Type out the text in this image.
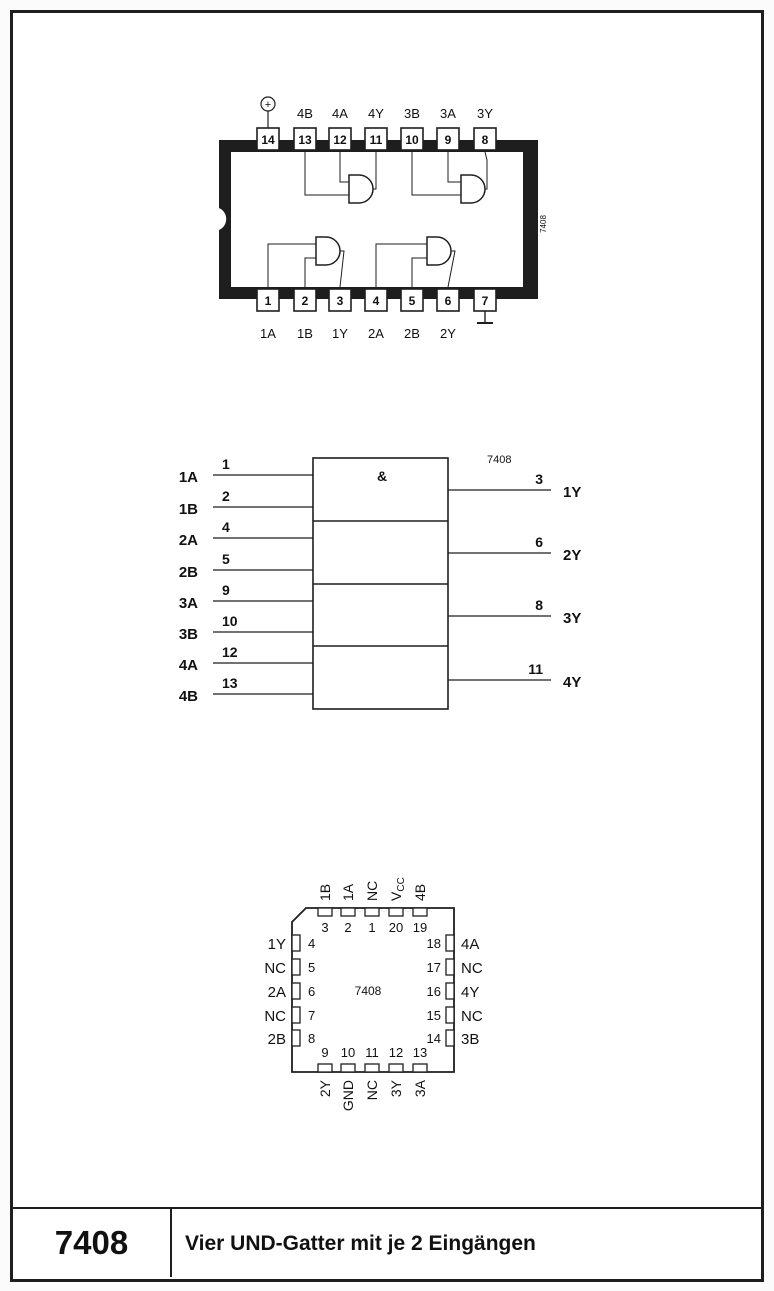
7408	Vier UND-Gatter mit je 2 Eingängen
7408
14 13 12 11 10 9	8
1	2 3 4 5 6	7
4B 4A 4Y 3B 3A 3Y
1A 1B 1Y 2A 2B 2Y
+
&
7408
1A
1
1B
2
2A
4
2B
5
3A
9
3B
10
4A
12
4B
13
1Y
3
2Y
6
3Y
8
4Y
11
7408
3
1B
2
1A
1
NC
20
$V_{CC}$
19
4B
9
2Y
10
GND
11
NC
12
3Y
13
3A
4
1Y
5
NC
6
2A
7
NC
8
2B
18 4A
17 NC
16 4Y
15 NC
14 3B
